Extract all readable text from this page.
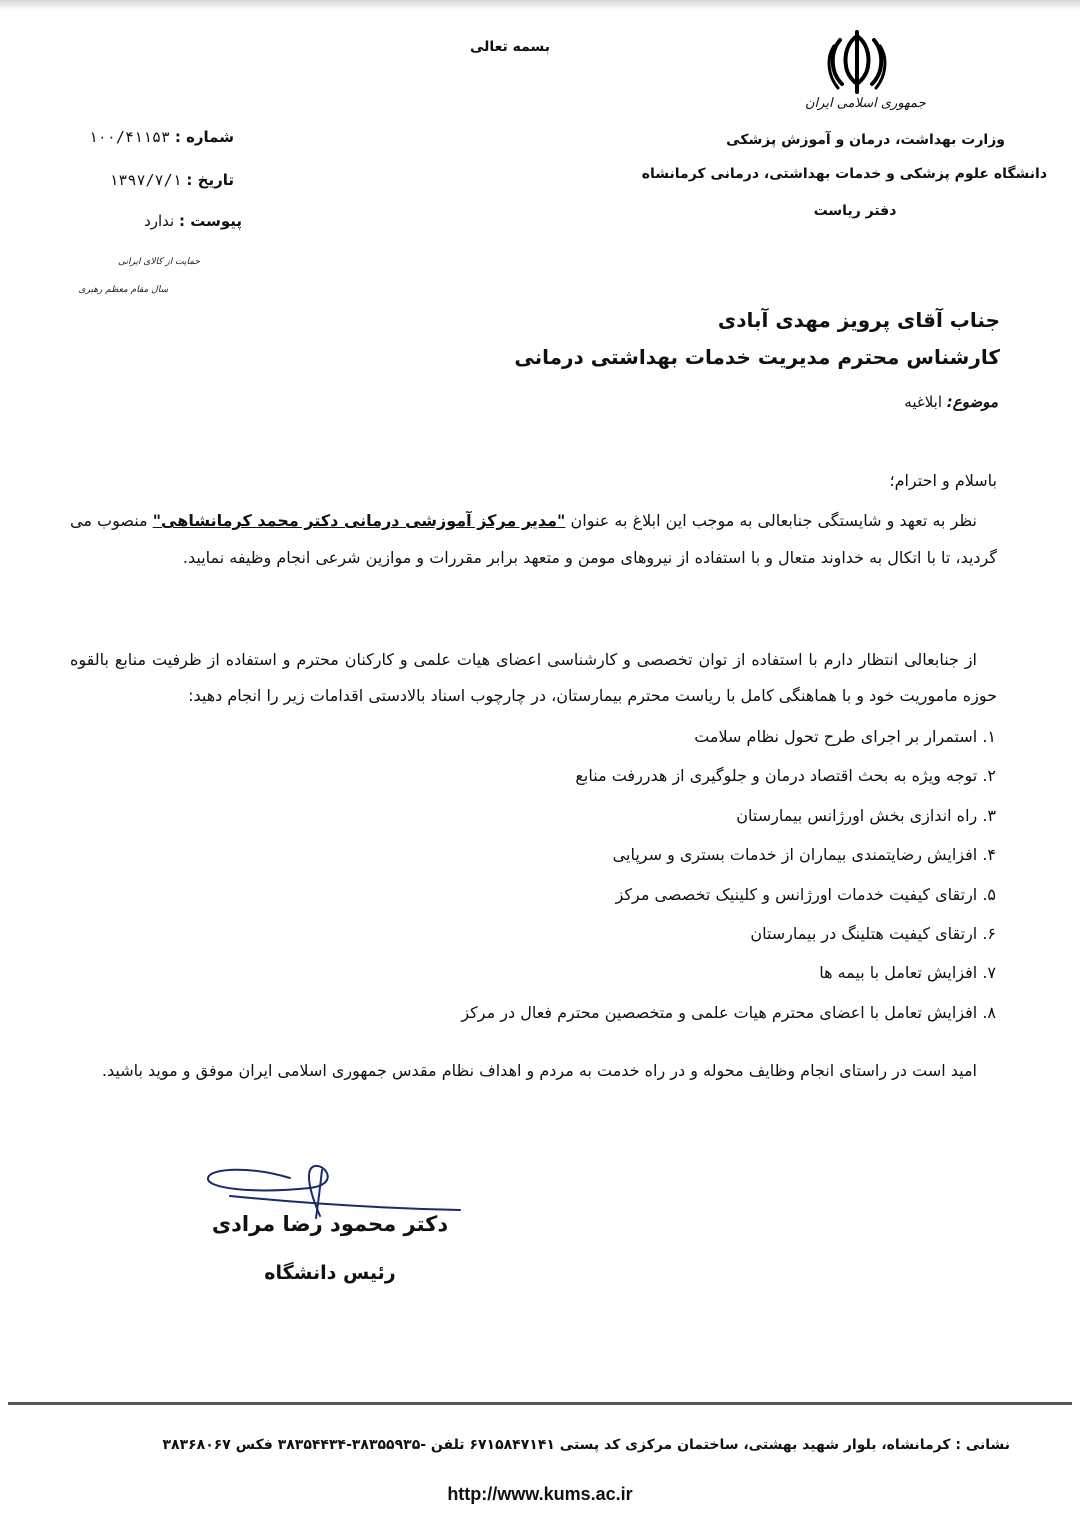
جمهوری اسلامی ایران
بسمه تعالی
وزارت بهداشت، درمان و آموزش پزشکی
دانشگاه علوم پزشکی و خدمات بهداشتی، درمانی کرمانشاه
دفتر ریاست
شماره : ۱۰۰/۴۱۱۵۳
تاریخ : ۱۳۹۷/۷/۱
پیوست : ندارد
حمایت از کالای ایرانی
سال مقام معظم رهبری
جناب آقای پرویز مهدی آبادی
کارشناس محترم مدیریت خدمات بهداشتی درمانی
موضوع: ابلاغیه
باسلام و احترام؛

نظر به تعهد و شایستگی جنابعالی به موجب این ابلاغ به عنوان "مدیر مرکز آموزشی درمانی دکتر محمد کرمانشاهی" منصوب می گردید، تا با اتکال به خداوند متعال و با استفاده از نیروهای مومن و متعهد برابر مقررات و موازین شرعی انجام وظیفه نمایید.

از جنابعالی انتظار دارم با استفاده از توان تخصصی و کارشناسی اعضای هیات علمی و کارکنان محترم و استفاده از ظرفیت منابع بالقوه حوزه ماموریت خود و با هماهنگی کامل با ریاست محترم بیمارستان، در چارچوب اسناد بالادستی اقدامات زیر را انجام دهید:
۱. استمرار بر اجرای طرح تحول نظام سلامت
۲. توجه ویژه به بحث اقتصاد درمان و جلوگیری از هدررفت منابع
۳. راه اندازی بخش اورژانس بیمارستان
۴. افزایش رضایتمندی بیماران از خدمات بستری و سرپایی
۵. ارتقای کیفیت خدمات اورژانس و کلینیک تخصصی مرکز
۶. ارتقای کیفیت هتلینگ در بیمارستان
۷. افزایش تعامل با بیمه ها
۸. افزایش تعامل با اعضای محترم هیات علمی و متخصصین محترم فعال در مرکز
امید است در راستای انجام وظایف محوله و در راه خدمت به مردم و اهداف نظام مقدس جمهوری اسلامی ایران موفق و موید باشید.
دکتر محمود رضا مرادی
رئیس دانشگاه
نشانی : کرمانشاه، بلوار شهید بهشتی، ساختمان مرکزی کد پستی ۶۷۱۵۸۴۷۱۴۱ تلفن -۳۸۳۵۵۹۳۵-۳۸۳۵۴۴۳۴ فکس ۳۸۳۶۸۰۶۷
http://www.kums.ac.ir
